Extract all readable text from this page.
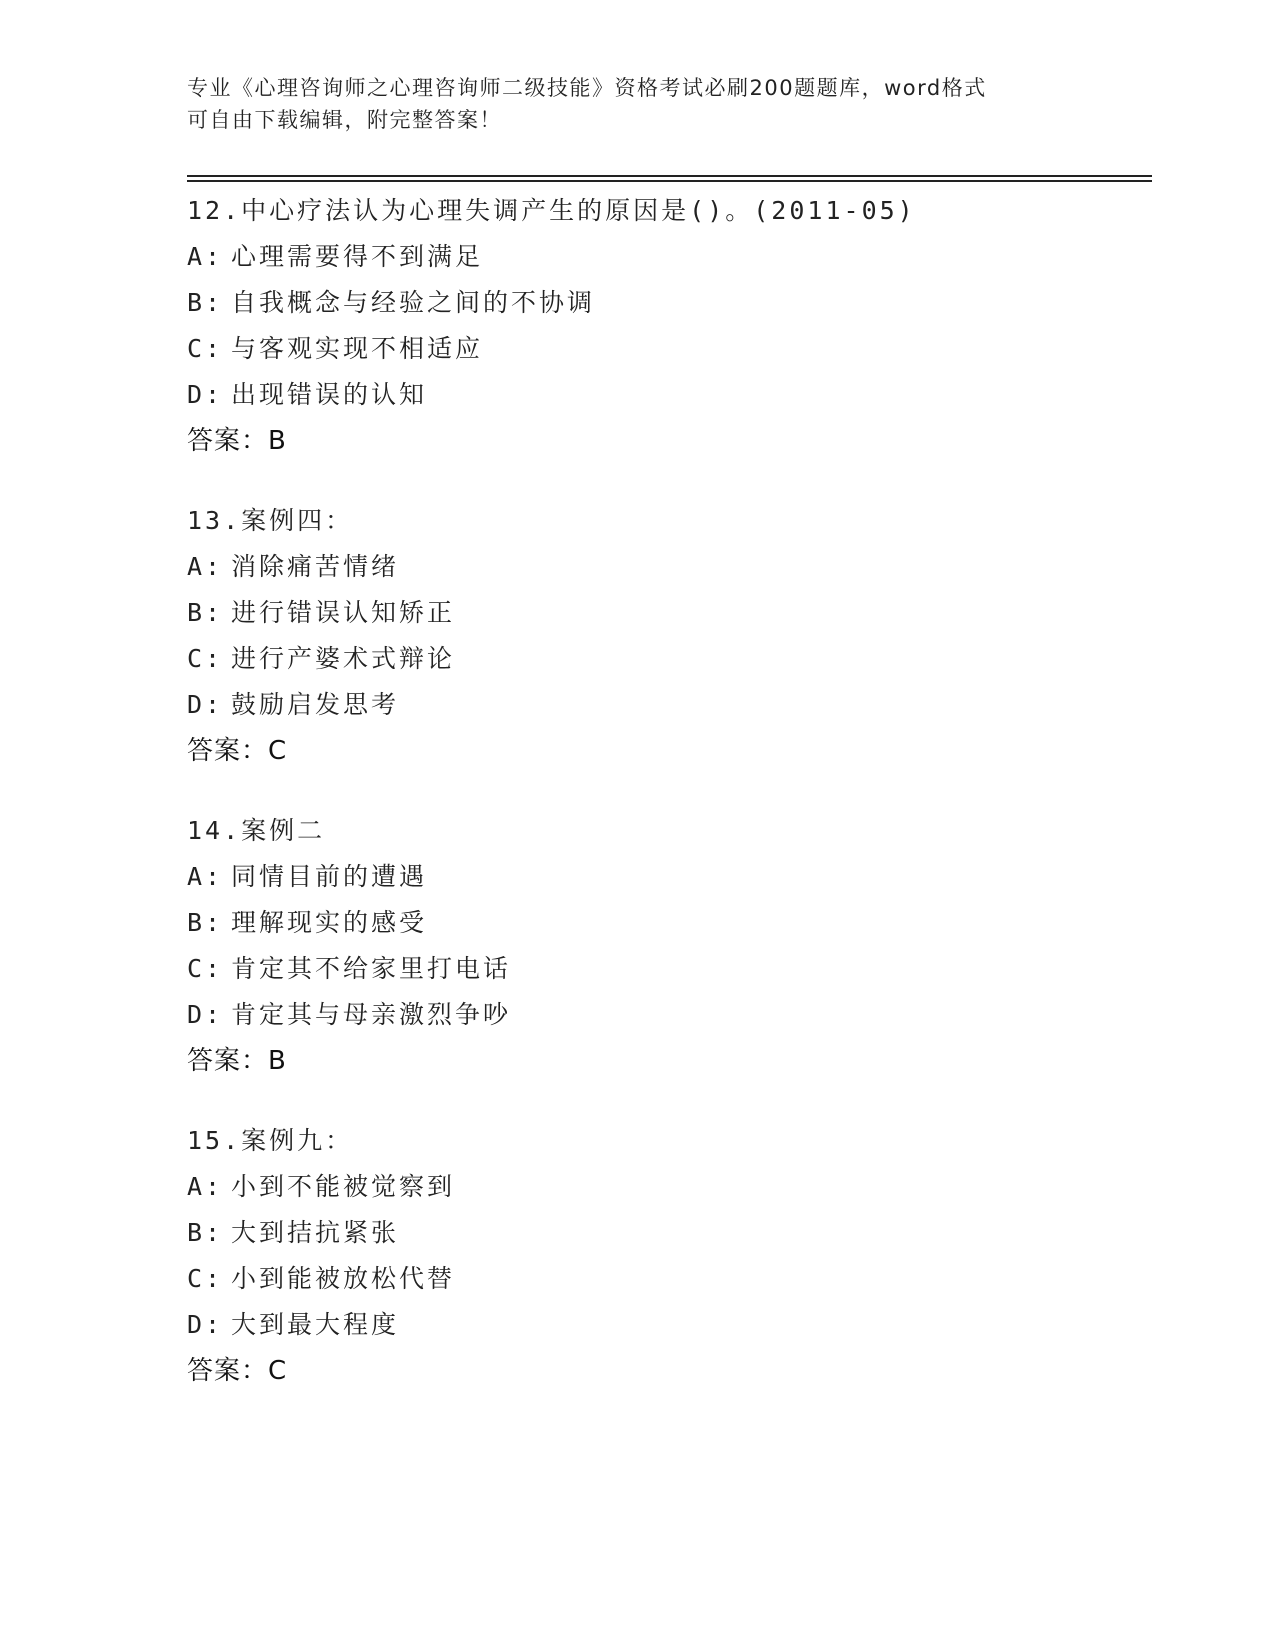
专业《心理咨询师之心理咨询师二级技能》资格考试必刷200题题库，word格式
可自由下载编辑，附完整答案！
12.中心疗法认为心理失调产生的原因是()。(2011-05)
A: 心理需要得不到满足
B: 自我概念与经验之间的不协调
C: 与客观实现不相适应
D: 出现错误的认知
答案：B
13.案例四：
A: 消除痛苦情绪
B: 进行错误认知矫正
C: 进行产婆术式辩论
D: 鼓励启发思考
答案：C
14.案例二
A: 同情目前的遭遇
B: 理解现实的感受
C: 肯定其不给家里打电话
D: 肯定其与母亲激烈争吵
答案：B
15.案例九：
A: 小到不能被觉察到
B: 大到拮抗紧张
C: 小到能被放松代替
D: 大到最大程度
答案：C
